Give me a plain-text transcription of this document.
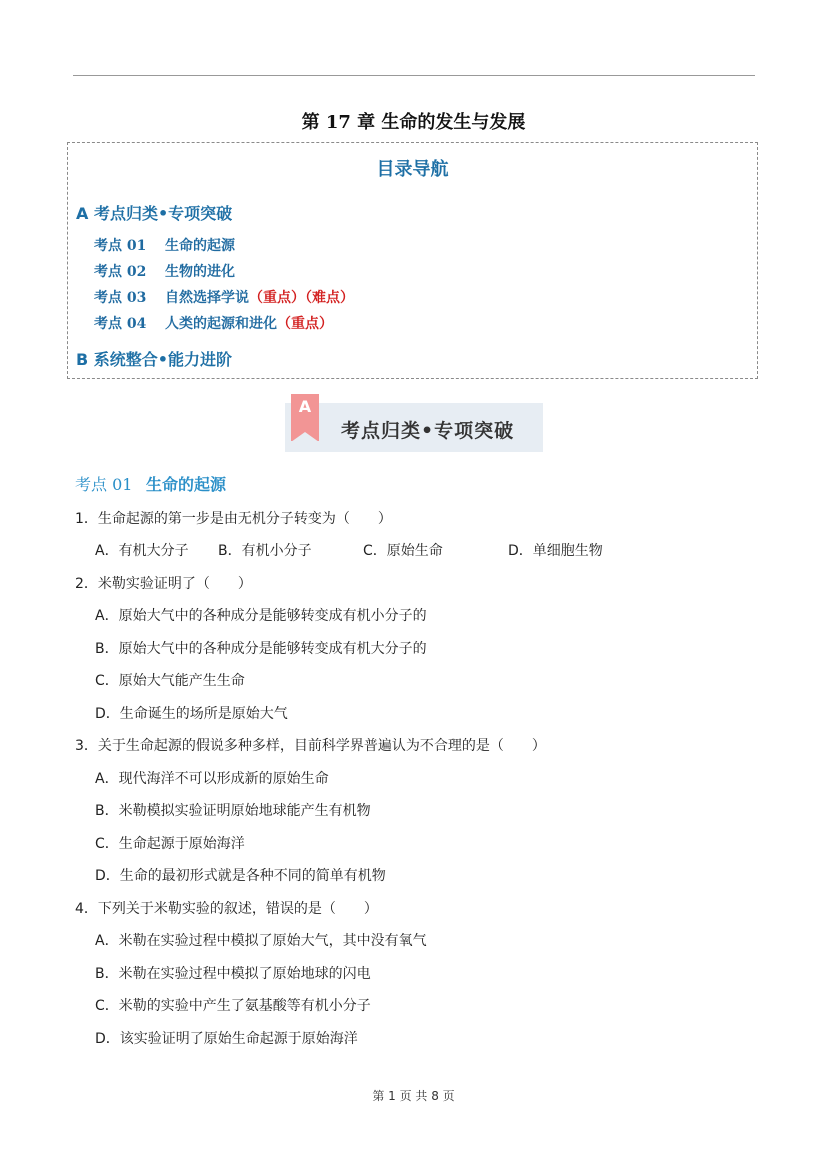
第 17 章 生命的发生与发展
目录导航
A 考点归类•专项突破
考点 01 生命的起源
考点 02 生物的进化
考点 03 自然选择学说（重点）（难点）
考点 04 人类的起源和进化（重点）
B 系统整合•能力进阶
A
考点归类•专项突破
考点 01 生命的起源
1．生命起源的第一步是由无机分子转变为（　　）
A．有机大分子 B．有机小分子	C．原始生命	D．单细胞生物
2．米勒实验证明了（　　）
A．原始大气中的各种成分是能够转变成有机小分子的
B．原始大气中的各种成分是能够转变成有机大分子的
C．原始大气能产生生命
D．生命诞生的场所是原始大气
3．关于生命起源的假说多种多样，目前科学界普遍认为不合理的是（　　）
A．现代海洋不可以形成新的原始生命
B．米勒模拟实验证明原始地球能产生有机物
C．生命起源于原始海洋
D．生命的最初形式就是各种不同的简单有机物
4．下列关于米勒实验的叙述，错误的是（　　）
A．米勒在实验过程中模拟了原始大气，其中没有氧气
B．米勒在实验过程中模拟了原始地球的闪电
C．米勒的实验中产生了氨基酸等有机小分子
D．该实验证明了原始生命起源于原始海洋
第 1 页 共 8 页
